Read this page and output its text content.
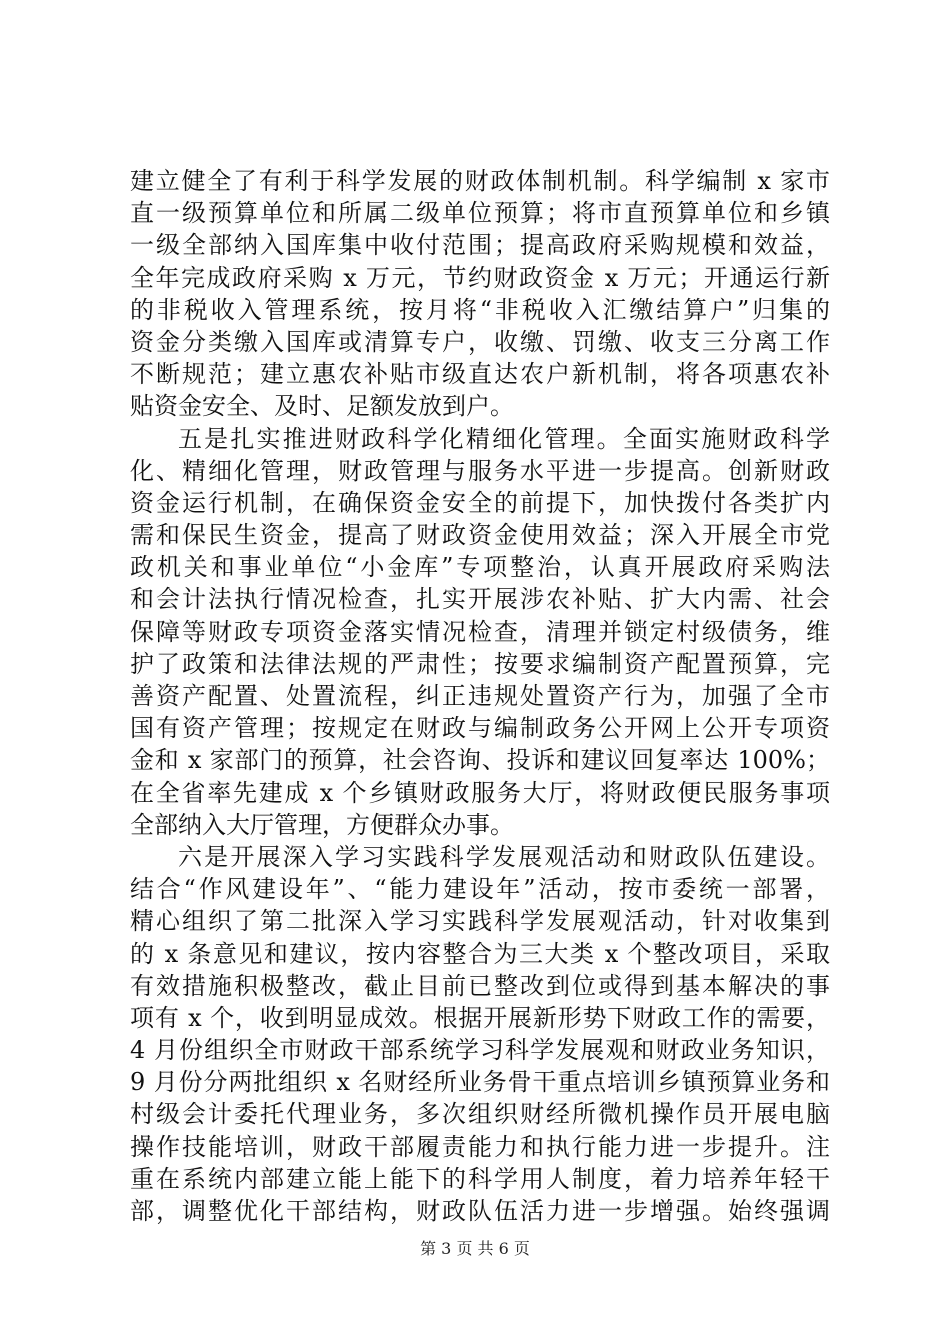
建立健全了有利于科学发展的财政体制机制。科学编制 x 家市
直一级预算单位和所属二级单位预算；将市直预算单位和乡镇
一级全部纳入国库集中收付范围；提高政府采购规模和效益，
全年完成政府采购 x 万元，节约财政资金 x 万元；开通运行新
的非税收入管理系统，按月将“非税收入汇缴结算户”归集的
资金分类缴入国库或清算专户，收缴、罚缴、收支三分离工作
不断规范；建立惠农补贴市级直达农户新机制，将各项惠农补
贴资金安全、及时、足额发放到户。
五是扎实推进财政科学化精细化管理。全面实施财政科学
化、精细化管理，财政管理与服务水平进一步提高。创新财政
资金运行机制，在确保资金安全的前提下，加快拨付各类扩内
需和保民生资金，提高了财政资金使用效益；深入开展全市党
政机关和事业单位“小金库”专项整治，认真开展政府采购法
和会计法执行情况检查，扎实开展涉农补贴、扩大内需、社会
保障等财政专项资金落实情况检查，清理并锁定村级债务，维
护了政策和法律法规的严肃性；按要求编制资产配置预算，完
善资产配置、处置流程，纠正违规处置资产行为，加强了全市
国有资产管理；按规定在财政与编制政务公开网上公开专项资
金和 x 家部门的预算，社会咨询、投诉和建议回复率达 100%；
在全省率先建成 x 个乡镇财政服务大厅，将财政便民服务事项
全部纳入大厅管理，方便群众办事。
六是开展深入学习实践科学发展观活动和财政队伍建设。
结合“作风建设年”、“能力建设年”活动，按市委统一部署，
精心组织了第二批深入学习实践科学发展观活动，针对收集到
的 x 条意见和建议，按内容整合为三大类 x 个整改项目，采取
有效措施积极整改，截止目前已整改到位或得到基本解决的事
项有 x 个，收到明显成效。根据开展新形势下财政工作的需要，
4 月份组织全市财政干部系统学习科学发展观和财政业务知识，
9 月份分两批组织 x 名财经所业务骨干重点培训乡镇预算业务和
村级会计委托代理业务，多次组织财经所微机操作员开展电脑
操作技能培训，财政干部履责能力和执行能力进一步提升。注
重在系统内部建立能上能下的科学用人制度，着力培养年轻干
部，调整优化干部结构，财政队伍活力进一步增强。始终强调
第 3 页 共 6 页
